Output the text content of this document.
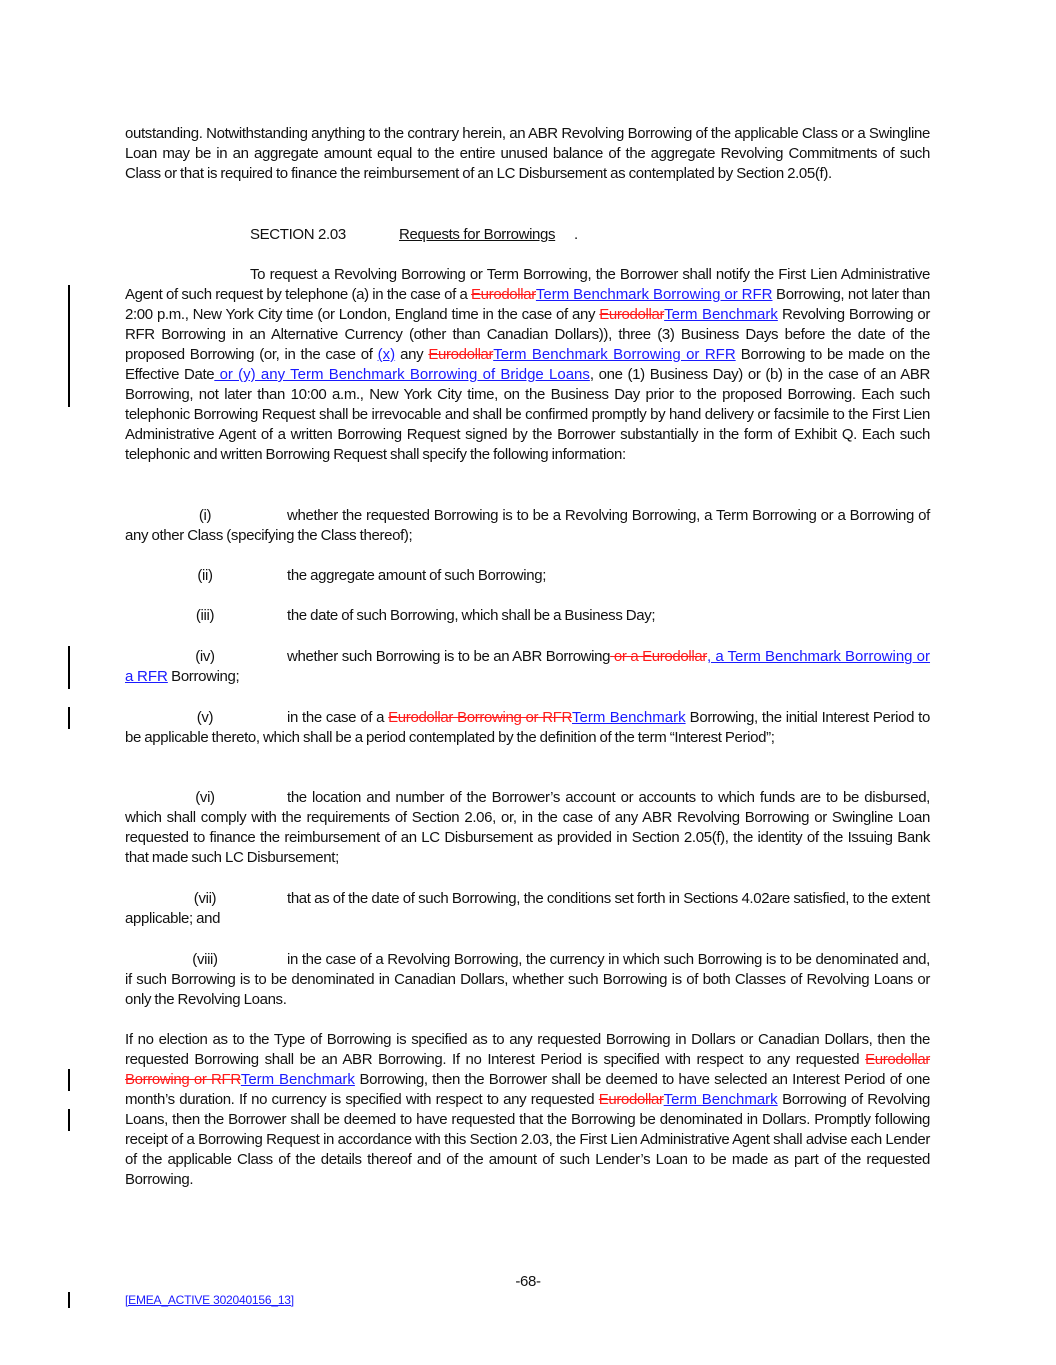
outstanding. Notwithstanding anything to the contrary herein, an ABR Revolving Borrowing of the applicable Class or a Swingline Loan may be in an aggregate amount equal to the entire unused balance of the aggregate Revolving Commitments of such Class or that is required to finance the reimbursement of an LC Disbursement as contemplated by Section 2.05(f).
SECTION 2.03	Requests for Borrowings .
To request a Revolving Borrowing or Term Borrowing, the Borrower shall notify the First Lien Administrative Agent of such request by telephone (a) in the case of a EurodollarTerm Benchmark Borrowing or RFR Borrowing, not later than 2:00 p.m., New York City time (or London, England time in the case of any EurodollarTerm Benchmark Revolving Borrowing or RFR Borrowing in an Alternative Currency (other than Canadian Dollars)), three (3) Business Days before the date of the proposed Borrowing (or, in the case of (x) any EurodollarTerm Benchmark Borrowing or RFR Borrowing to be made on the Effective Date or (y) any Term Benchmark Borrowing of Bridge Loans, one (1) Business Day) or (b) in the case of an ABR Borrowing, not later than 10:00 a.m., New York City time, on the Business Day prior to the proposed Borrowing. Each such telephonic Borrowing Request shall be irrevocable and shall be confirmed promptly by hand delivery or facsimile to the First Lien Administrative Agent of a written Borrowing Request signed by the Borrower substantially in the form of Exhibit Q. Each such telephonic and written Borrowing Request shall specify the following information:
(i)	whether the requested Borrowing is to be a Revolving Borrowing, a Term Borrowing or a Borrowing of any other Class (specifying the Class thereof);
(ii)	the aggregate amount of such Borrowing;
(iii)	the date of such Borrowing, which shall be a Business Day;
(iv)	whether such Borrowing is to be an ABR Borrowing or a Eurodollar, a Term Benchmark Borrowing or a RFR Borrowing;
(v)	in the case of a Eurodollar Borrowing or RFRTerm Benchmark Borrowing, the initial Interest Period to be applicable thereto, which shall be a period contemplated by the definition of the term “Interest Period”;
(vi)	the location and number of the Borrower’s account or accounts to which funds are to be disbursed, which shall comply with the requirements of Section 2.06, or, in the case of any ABR Revolving Borrowing or Swingline Loan requested to finance the reimbursement of an LC Disbursement as provided in Section 2.05(f), the identity of the Issuing Bank that made such LC Disbursement;
(vii)	that as of the date of such Borrowing, the conditions set forth in Sections 4.02are satisfied, to the extent applicable; and
(viii)	in the case of a Revolving Borrowing, the currency in which such Borrowing is to be denominated and, if such Borrowing is to be denominated in Canadian Dollars, whether such Borrowing is of both Classes of Revolving Loans or only the Revolving Loans.
If no election as to the Type of Borrowing is specified as to any requested Borrowing in Dollars or Canadian Dollars, then the requested Borrowing shall be an ABR Borrowing. If no Interest Period is specified with respect to any requested Eurodollar Borrowing or RFRTerm Benchmark Borrowing, then the Borrower shall be deemed to have selected an Interest Period of one month’s duration. If no currency is specified with respect to any requested EurodollarTerm Benchmark Borrowing of Revolving Loans, then the Borrower shall be deemed to have requested that the Borrowing be denominated in Dollars. Promptly following receipt of a Borrowing Request in accordance with this Section 2.03, the First Lien Administrative Agent shall advise each Lender of the applicable Class of the details thereof and of the amount of such Lender’s Loan to be made as part of the requested Borrowing.
-68-
[EMEA_ACTIVE 302040156_13]
